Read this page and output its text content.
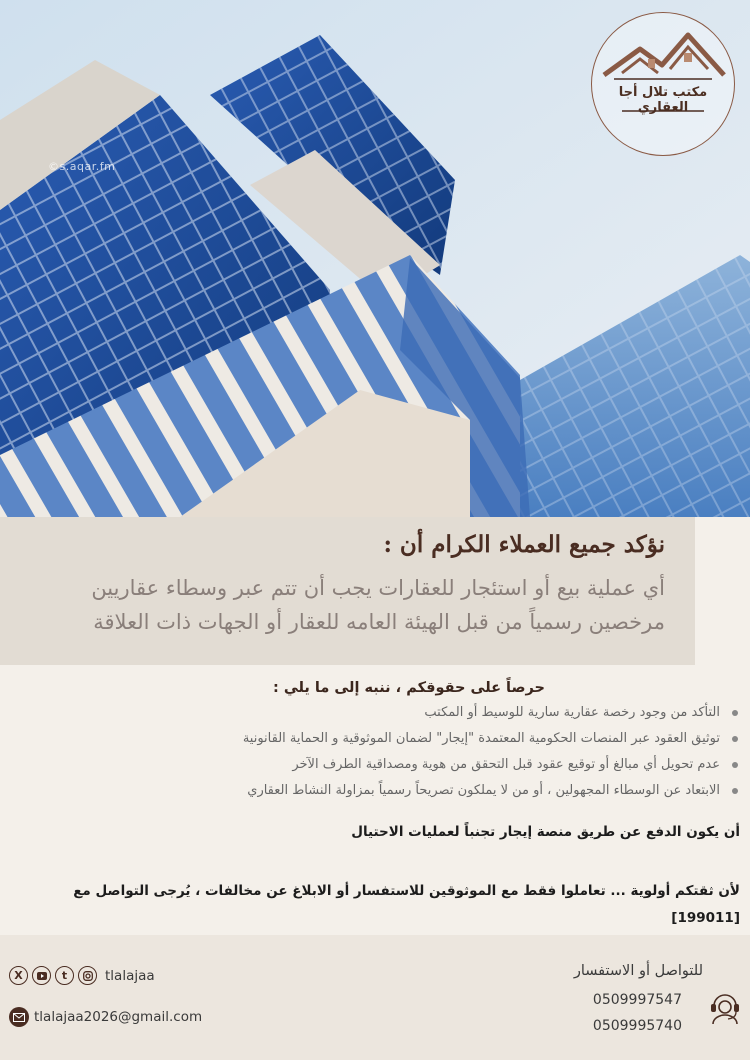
©s.aqar.fm
مكتب تلال أجا العقاري
نؤكد جميع العملاء الكرام أن :

أي عملية بيع أو استئجار للعقارات يجب أن تتم عبر وسطاء عقاريين

مرخصين رسمياً من قبل الهيئة العامه للعقار أو الجهات ذات العلاقة

حرصاً على حقوقكم ، ننبه إلى ما يلي :
التأكد من وجود رخصة عقارية سارية للوسيط أو المكتب
توثيق العقود عبر المنصات الحكومية المعتمدة "إيجار" لضمان الموثوقية و الحماية القانونية
عدم تحويل أي مبالغ أو توقيع عقود قبل التحقق من هوية ومصداقية الطرف الآخر
الابتعاد عن الوسطاء المجهولين ، أو من لا يملكون تصريحاً رسمياً بمزاولة النشاط العقاري
أن يكون الدفع عن طريق منصة إيجار تجنباً لعمليات الاحتيال
لأن ثقتكم أولوية ... تعاملوا فقط مع الموثوقين للاستفسار أو الابلاغ عن مخالفات ، يُرجى التواصل مع [199011]
X	t	tlalajaa
tlalajaa2026@gmail.com
للتواصل أو الاستفسار
0509997547
0509995740
